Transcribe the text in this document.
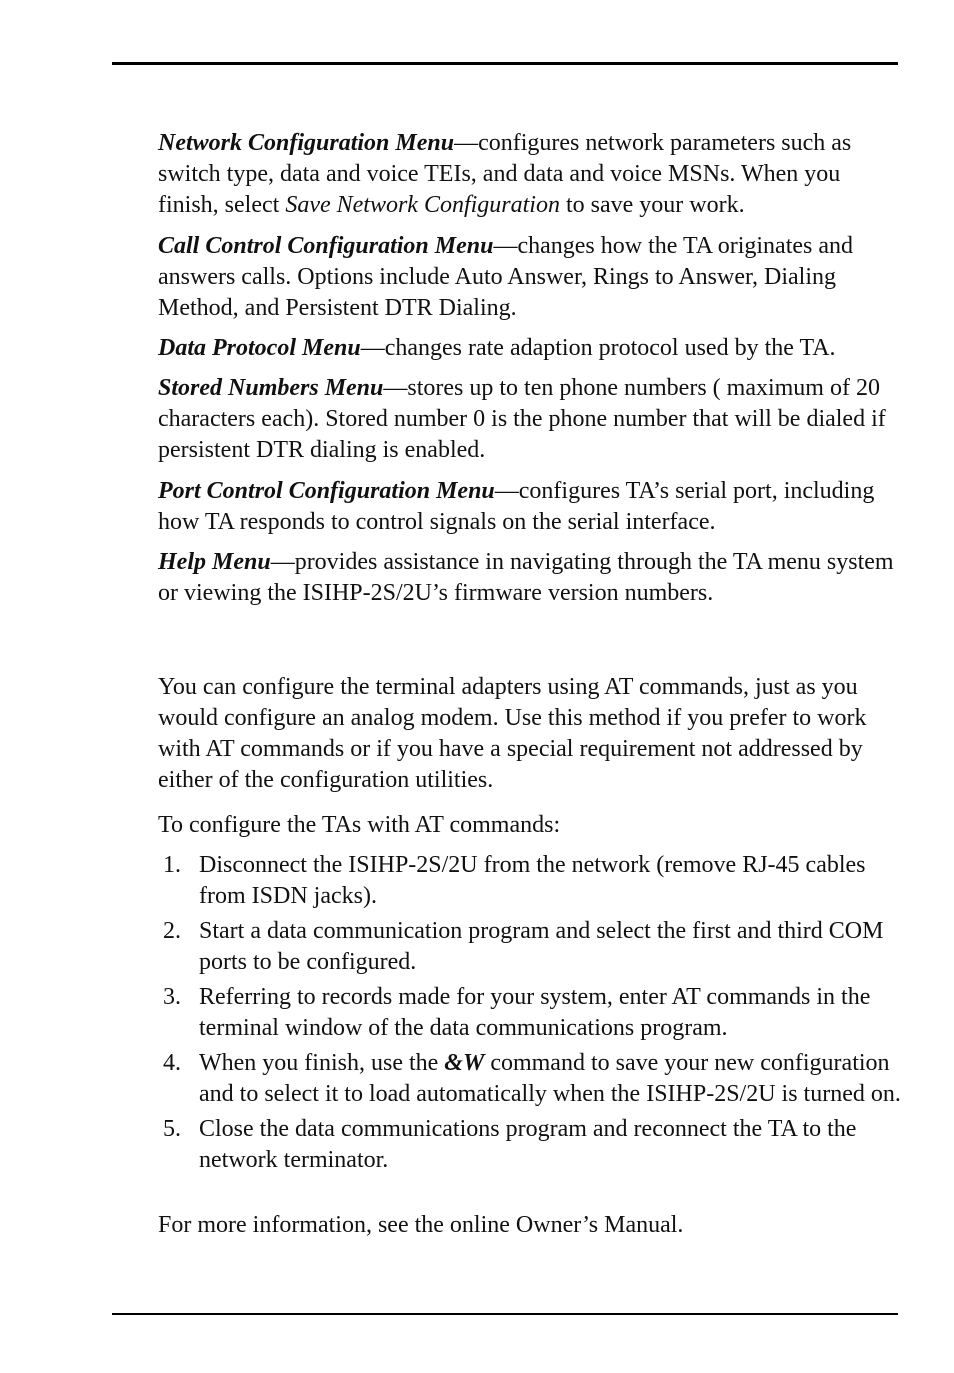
Network Configuration Menu—configures network parameters such as switch type, data and voice TEIs, and data and voice MSNs. When you finish, select Save Network Configuration to save your work.

Call Control Configuration Menu—changes how the TA originates and answers calls. Options include Auto Answer, Rings to Answer, Dialing Method, and Persistent DTR Dialing.

Data Protocol Menu—changes rate adaption protocol used by the TA.

Stored Numbers Menu—stores up to ten phone numbers ( maximum of 20 characters each). Stored number 0 is the phone number that will be dialed if persistent DTR dialing is enabled.

Port Control Configuration Menu—configures TA’s serial port, including how TA responds to control signals on the serial interface.

Help Menu—provides assistance in navigating through the TA menu system or viewing the ISIHP-2S/2U’s firmware version numbers.

You can configure the terminal adapters using AT commands, just as you would configure an analog modem. Use this method if you prefer to work with AT commands or if you have a special requirement not addressed by either of the configuration utilities.

To configure the TAs with AT commands:

1. Disconnect the ISIHP-2S/2U from the network (remove RJ-45 cables from ISDN jacks).
2. Start a data communication program and select the first and third COM ports to be configured.
3. Referring to records made for your system, enter AT commands in the terminal window of the data communications program.
4. When you finish, use the &W command to save your new configuration and to select it to load automatically when the ISIHP-2S/2U is turned on.
5. Close the data communications program and reconnect the TA to the network terminator.

For more information, see the online Owner’s Manual.
